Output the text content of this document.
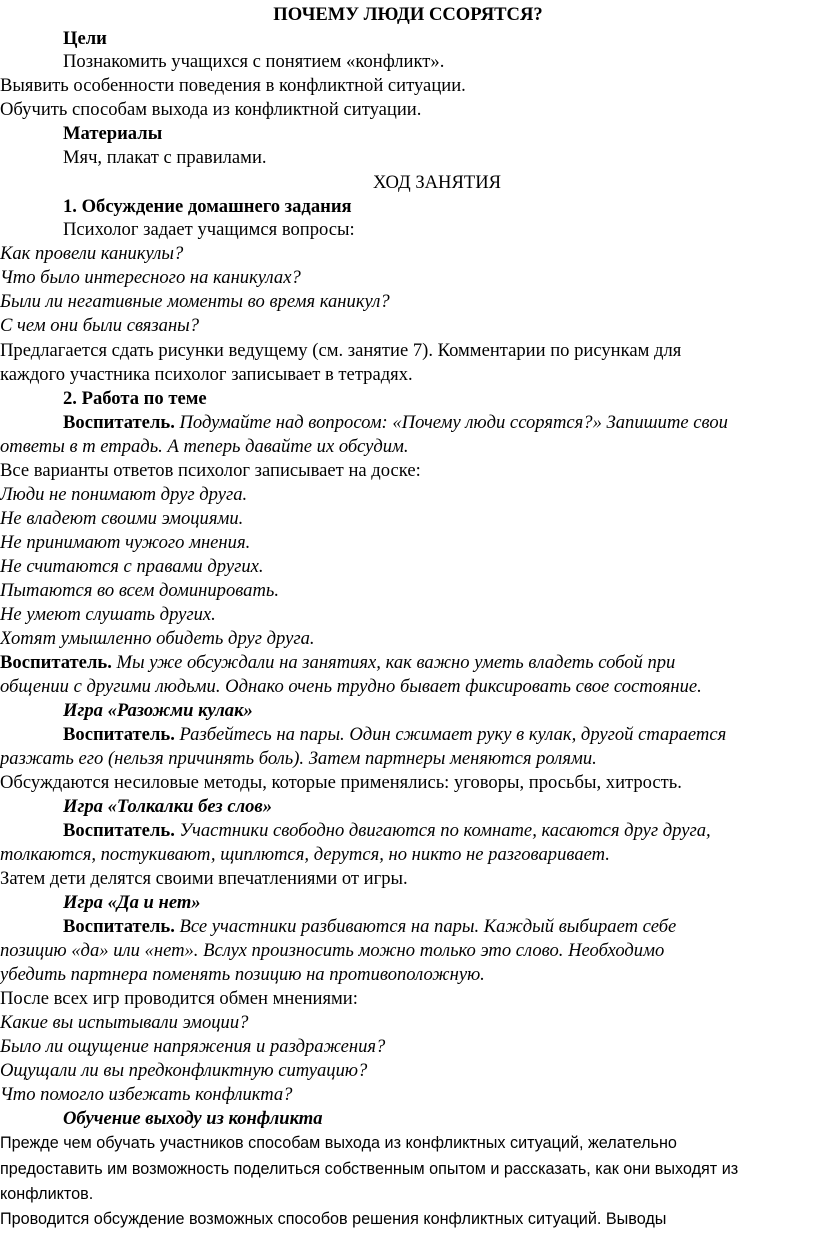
ПОЧЕМУ ЛЮДИ ССОРЯТСЯ?
Цели
Познакомить учащихся с понятием «конфликт».
Выявить особенности поведения в конфликтной ситуации.
Обучить способам выхода из конфликтной ситуации.
Материалы
Мяч, плакат с правилами.
ХОД ЗАНЯТИЯ
1. Обсуждение домашнего задания
Психолог задает учащимся вопросы:
Как провели каникулы?
Что было интересного на каникулах?
Были ли негативные моменты во время каникул?
С чем они были связаны?
Предлагается сдать рисунки ведущему (см. занятие 7). Комментарии по рисункам для
каждого участника психолог записывает в тетрадях.
2. Работа по теме
Воспитатель. Подумайте над вопросом: «Почему люди ссорятся?» Запишите свои
ответы в т етрадь. А теперь давайте их обсудим.
Все варианты ответов психолог записывает на доске:
Люди не понимают друг друга.
Не владеют своими эмоциями.
Не принимают чужого мнения.
Не считаются с правами других.
Пытаются во всем доминировать.
Не умеют слушать других.
Хотят умышленно обидеть друг друга.
Воспитатель. Мы уже обсуждали на занятиях, как важно уметь владеть собой при
общении с другими людьми. Однако очень трудно бывает фиксировать свое состояние.
Игра «Разожми кулак»
Воспитатель. Разбейтесь на пары. Один сжимает руку в кулак, другой старается
разжать его (нельзя причинять боль). Затем партнеры меняются ролями.
Обсуждаются несиловые методы, которые применялись: уговоры, просьбы, хитрость.
Игра «Толкалки без слов»
Воспитатель. Участники свободно двигаются по комнате, касаются друг друга,
толкаются, постукивают, щиплются, дерутся, но никто не разговаривает.
Затем дети делятся своими впечатлениями от игры.
Игра «Да и нет»
Воспитатель. Все участники разбиваются на пары. Каждый выбирает себе
позицию «да» или «нет». Вслух произносить можно только это слово. Необходимо
убедить партнера поменять позицию на противоположную.
После всех игр проводится обмен мнениями:
Какие вы испытывали эмоции?
Было ли ощущение напряжения и раздражения?
Ощущали ли вы предконфликтную ситуацию?
Что помогло избежать конфликта?
Обучение выходу из конфликта
Прежде чем обучать участников способам выхода из конфликтных ситуаций, желательно
предоставить им возможность поделиться собственным опытом и рассказать, как они выходят из
конфликтов.
Проводится обсуждение возможных способов решения конфликтных ситуаций. Выводы
